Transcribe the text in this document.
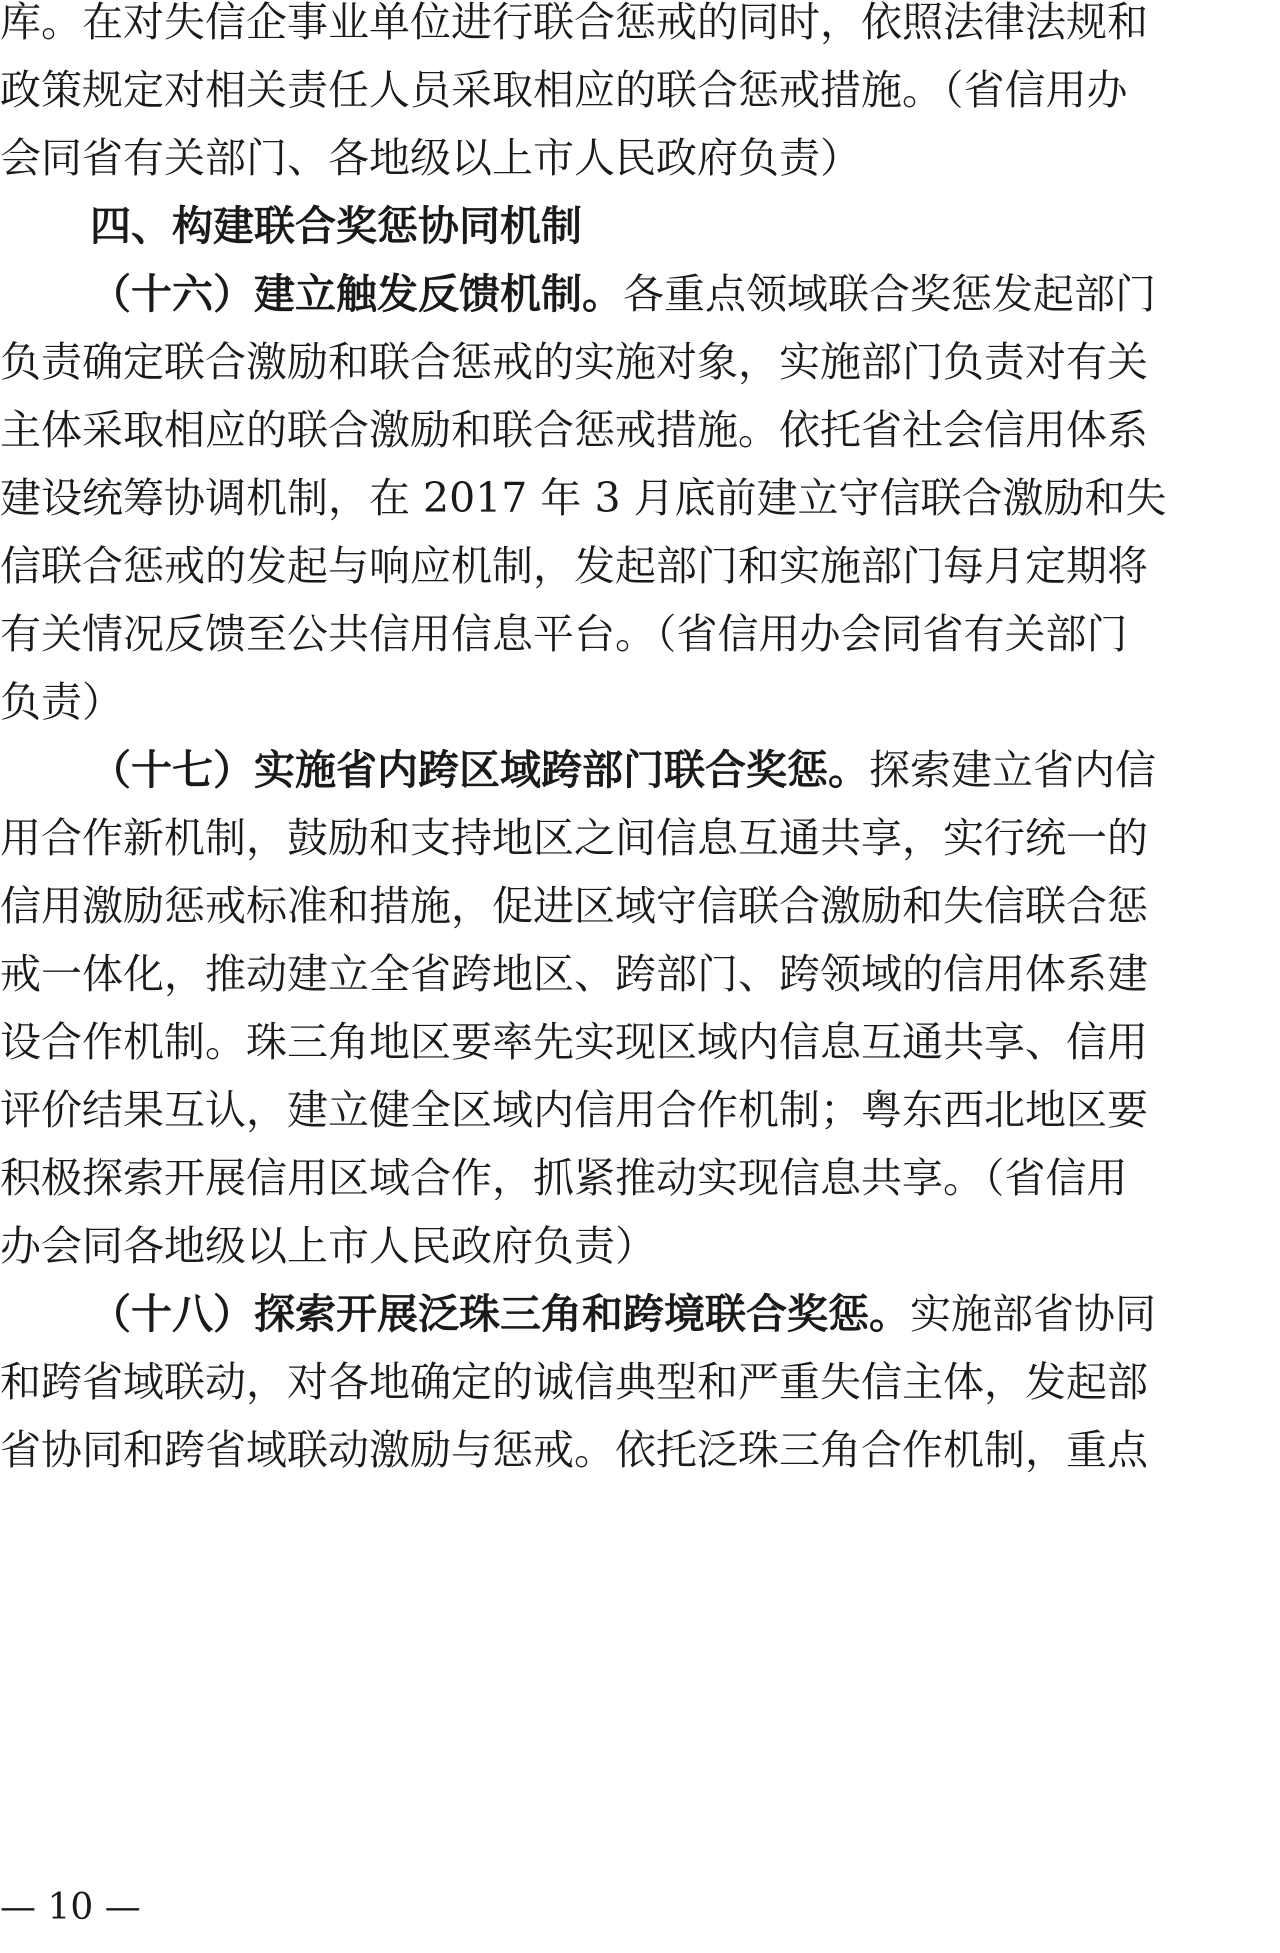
库。在对失信企事业单位进行联合惩戒的同时，依照法律法规和
政策规定对相关责任人员采取相应的联合惩戒措施。（省信用办
会同省有关部门、各地级以上市人民政府负责）
四、构建联合奖惩协同机制
（十六）建立触发反馈机制。各重点领域联合奖惩发起部门
负责确定联合激励和联合惩戒的实施对象，实施部门负责对有关
主体采取相应的联合激励和联合惩戒措施。依托省社会信用体系
建设统筹协调机制，在 2017 年 3 月底前建立守信联合激励和失
信联合惩戒的发起与响应机制，发起部门和实施部门每月定期将
有关情况反馈至公共信用信息平台。（省信用办会同省有关部门
负责）
（十七）实施省内跨区域跨部门联合奖惩。探索建立省内信
用合作新机制，鼓励和支持地区之间信息互通共享，实行统一的
信用激励惩戒标准和措施，促进区域守信联合激励和失信联合惩
戒一体化，推动建立全省跨地区、跨部门、跨领域的信用体系建
设合作机制。珠三角地区要率先实现区域内信息互通共享、信用
评价结果互认，建立健全区域内信用合作机制；粤东西北地区要
积极探索开展信用区域合作，抓紧推动实现信息共享。（省信用
办会同各地级以上市人民政府负责）
（十八）探索开展泛珠三角和跨境联合奖惩。实施部省协同
和跨省域联动，对各地确定的诚信典型和严重失信主体，发起部
省协同和跨省域联动激励与惩戒。依托泛珠三角合作机制，重点
— 10 —
